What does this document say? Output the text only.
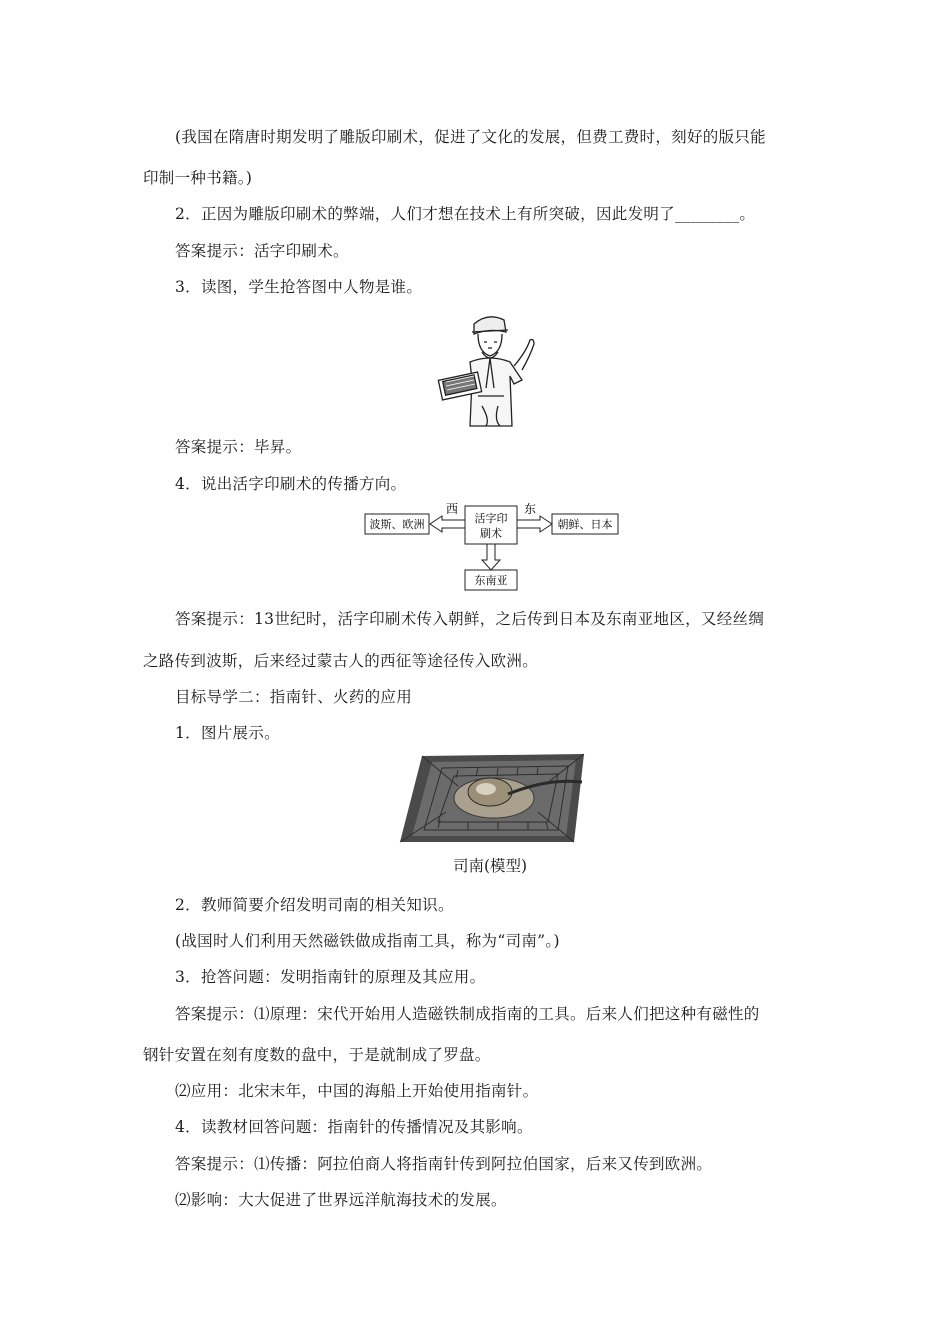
(我国在隋唐时期发明了雕版印刷术，促进了文化的发展，但费工费时，刻好的版只能
印制一种书籍。)
2．正因为雕版印刷术的弊端，人们才想在技术上有所突破，因此发明了________。
答案提示：活字印刷术。
3．读图，学生抢答图中人物是谁。
答案提示：毕昇。
4．说出活字印刷术的传播方向。
活字印
刷术
波斯、欧洲	朝鲜、日本
东南亚
西	东
答案提示：13世纪时，活字印刷术传入朝鲜，之后传到日本及东南亚地区，又经丝绸
之路传到波斯，后来经过蒙古人的西征等途径传入欧洲。
目标导学二：指南针、火药的应用
1．图片展示。
司南(模型)
2．教师简要介绍发明司南的相关知识。
(战国时人们利用天然磁铁做成指南工具，称为“司南”。)
3．抢答问题：发明指南针的原理及其应用。
答案提示：⑴原理：宋代开始用人造磁铁制成指南的工具。后来人们把这种有磁性的
钢针安置在刻有度数的盘中，于是就制成了罗盘。
⑵应用：北宋末年，中国的海船上开始使用指南针。
4．读教材回答问题：指南针的传播情况及其影响。
答案提示：⑴传播：阿拉伯商人将指南针传到阿拉伯国家，后来又传到欧洲。
⑵影响：大大促进了世界远洋航海技术的发展。
